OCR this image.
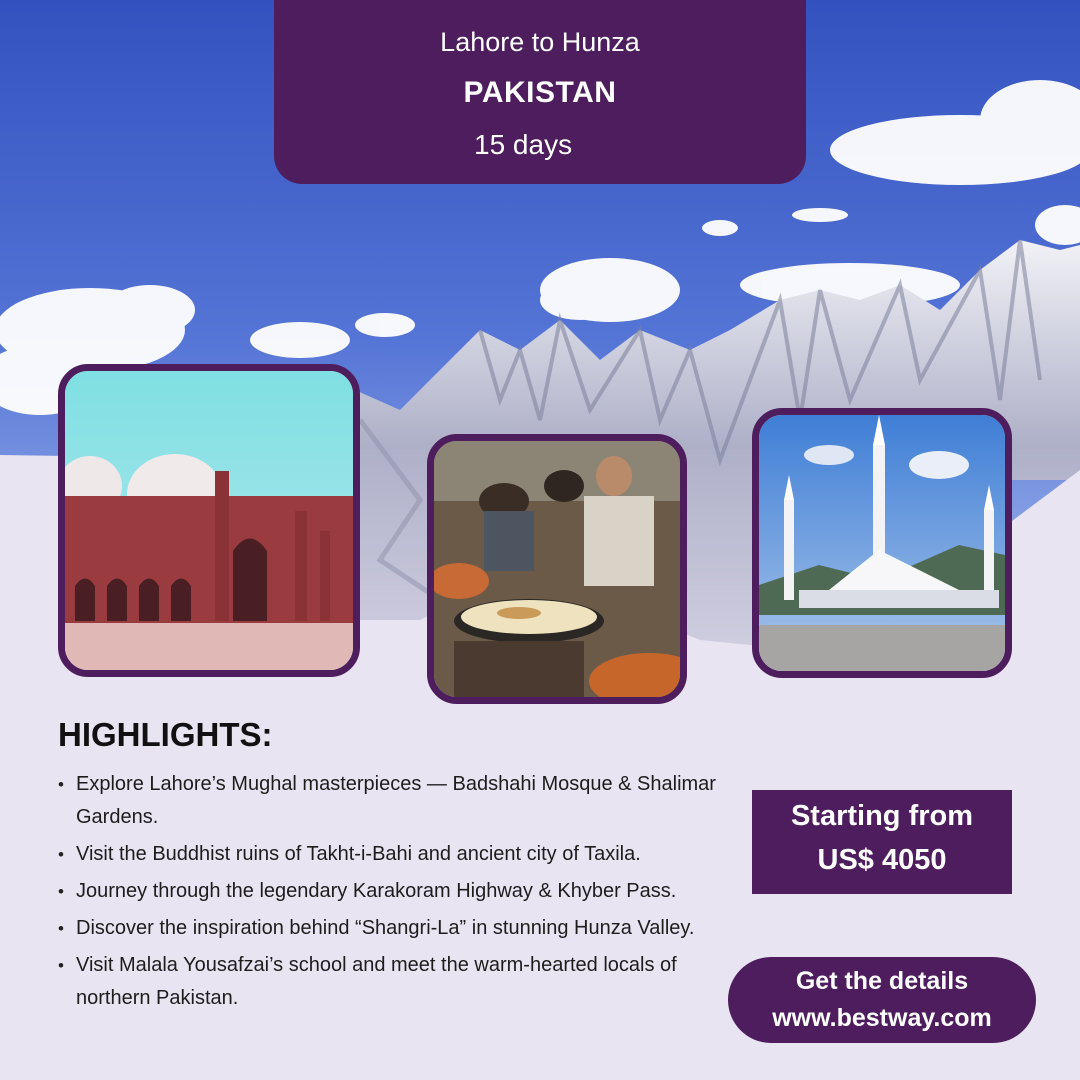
Lahore to Hunza
PAKISTAN
15 days
HIGHLIGHTS:
• Explore Lahore’s Mughal masterpieces — Badshahi Mosque & Shalimar Gardens.
• Visit the Buddhist ruins of Takht-i-Bahi and ancient city of Taxila.
• Journey through the legendary Karakoram Highway & Khyber Pass.
• Discover the inspiration behind “Shangri-La” in stunning Hunza Valley.
• Visit Malala Yousafzai’s school and meet the warm-hearted locals of northern Pakistan.
Starting from
US$ 4050
Get the details
www.bestway.com
